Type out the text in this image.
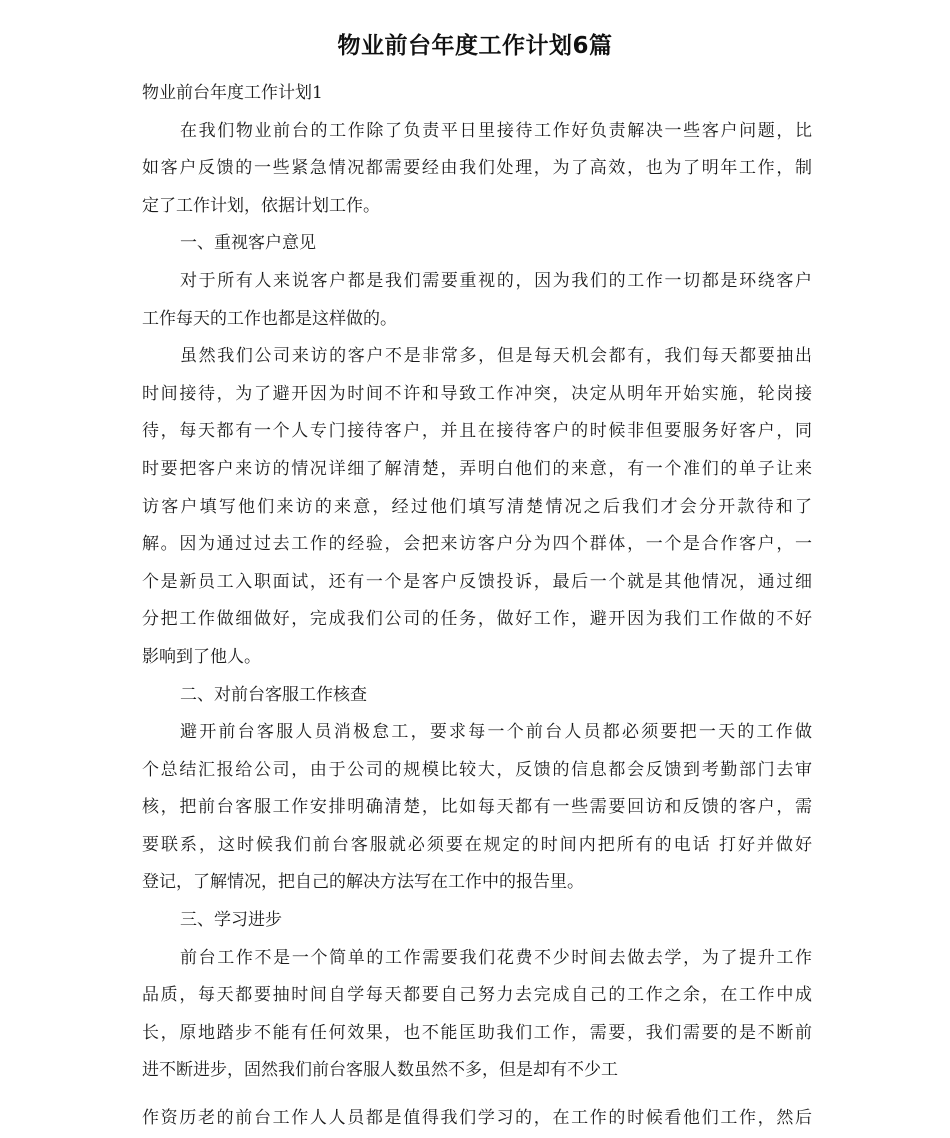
物业前台年度工作计划6篇
物业前台年度工作计划1
在我们物业前台的工作除了负责平日里接待工作好负责解决一些客户问题，比
如客户反馈的一些紧急情况都需要经由我们处理，为了高效，也为了明年工作，制
定了工作计划，依据计划工作。
一、重视客户意见
对于所有人来说客户都是我们需要重视的，因为我们的工作一切都是环绕客户
工作每天的工作也都是这样做的。
虽然我们公司来访的客户不是非常多，但是每天机会都有，我们每天都要抽出
时间接待，为了避开因为时间不许和导致工作冲突，决定从明年开始实施，轮岗接
待，每天都有一个人专门接待客户，并且在接待客户的时候非但要服务好客户，同
时要把客户来访的情况详细了解清楚，弄明白他们的来意，有一个准们的单子让来
访客户填写他们来访的来意，经过他们填写清楚情况之后我们才会分开款待和了
解。因为通过过去工作的经验，会把来访客户分为四个群体，一个是合作客户，一
个是新员工入职面试，还有一个是客户反馈投诉，最后一个就是其他情况，通过细
分把工作做细做好，完成我们公司的任务，做好工作，避开因为我们工作做的不好
影响到了他人。
二、对前台客服工作核查
避开前台客服人员消极怠工，要求每一个前台人员都必须要把一天的工作做
个总结汇报给公司，由于公司的规模比较大，反馈的信息都会反馈到考勤部门去审
核，把前台客服工作安排明确清楚，比如每天都有一些需要回访和反馈的客户，需
要联系，这时候我们前台客服就必须要在规定的时间内把所有的电话 打好并做好
登记，了解情况，把自己的解决方法写在工作中的报告里。
三、学习进步
前台工作不是一个简单的工作需要我们花费不少时间去做去学，为了提升工作
品质，每天都要抽时间自学每天都要自己努力去完成自己的工作之余，在工作中成
长，原地踏步不能有任何效果，也不能匡助我们工作，需要，我们需要的是不断前
进不断进步，固然我们前台客服人数虽然不多，但是却有不少工
作资历老的前台工作人人员都是值得我们学习的，在工作的时候看他们工作，然后
